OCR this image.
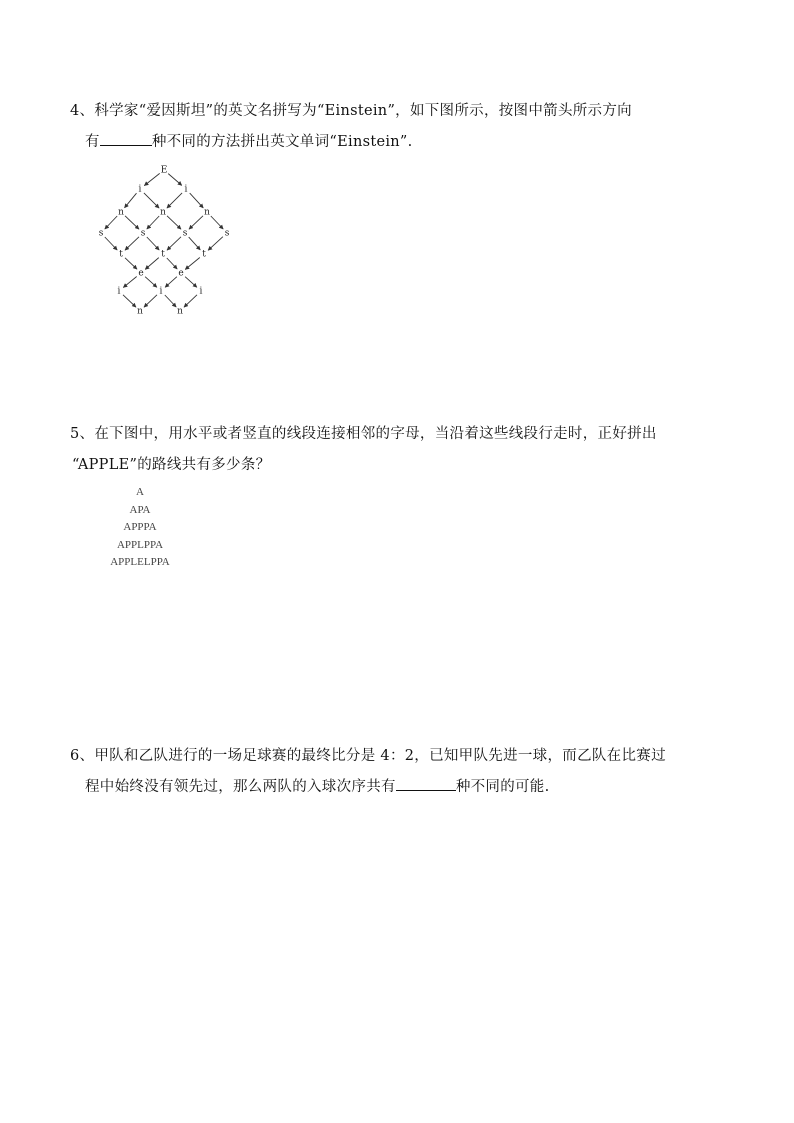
4、科学家“爱因斯坦”的英文名拼写为“Einstein”，如下图所示，按图中箭头所示方向
有	种不同的方法拼出英文单词“Einstein”.
E
i	i
n	n	n
s	s	s	s
t	t	t
e	e
i	i	i
n	n
5、在下图中，用水平或者竖直的线段连接相邻的字母，当沿着这些线段行走时，正好拼出
“APPLE”的路线共有多少条？
A
APA
APPPA
APPLPPA
APPLELPPA
6、甲队和乙队进行的一场足球赛的最终比分是 4：2，已知甲队先进一球，而乙队在比赛过
程中始终没有领先过，那么两队的入球次序共有	种不同的可能.
